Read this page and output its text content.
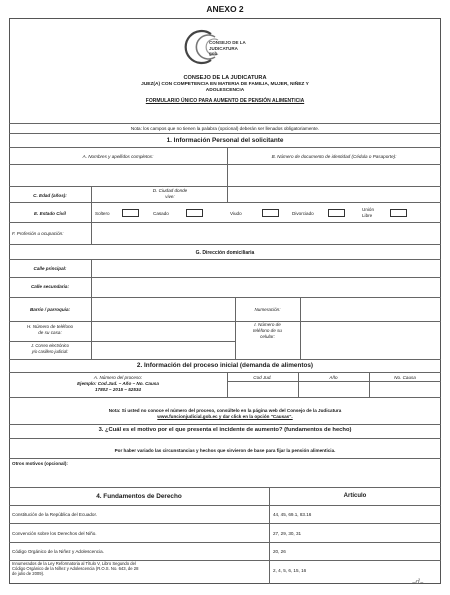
ANEXO 2
CONSEJO DE LA
JUDICATURA
gob
CONSEJO DE LA JUDICATURA
JUEZ(A) CON COMPETENCIA EN MATERIA DE FAMILIA, MUJER, NIÑEZ Y
ADOLESCENCIA
FORMULARIO ÚNICO PARA AUMENTO DE PENSIÓN ALIMENTICIA
Nota: los campos que no tienen la palabra (opcional) deberán ser llenados obligatoriamente.
1. Información Personal del solicitante
A. Nombres y apellidos completos:	B. Número de documento de identidad (Cédula o Pasaporte):
C. Edad (años):
D. Ciudad donde
vive:
E. Estado Civil	Soltero	Casado	Viudo	Divorciado
Unión
Libre
F. Profesión u ocupación:
G. Dirección domiciliaria
Calle principal:
Calle secundaria:
Barrio / parroquia:	Numeración:
H. Número de teléfono
de su casa:
I. Número de
teléfono de su
celular:
J. Correo electrónico
y/o casillero judicial:
2. Información del proceso inicial (demanda de alimentos)
A. Número del proceso:
Ejemplo: Cod.Jud. – Año – No. Causa
17802 – 2015 – 52534
Cod Jud.	Año	No. Causa
Nota: Si usted no conoce el número del proceso, consúltelo en la página web del Consejo de la Judicatura
www.funcionjudicial.gob.ec y dar click en la opción "Causas".
3. ¿Cuál es el motivo por el que presenta el incidente de aumento? (fundamentos de hecho)
Por haber variado las circunstancias y hechos que sirvieron de base para fijar la pensión alimenticia.
Otros motivos (opcional):
4. Fundamentos de Derecho	Artículo
Constitución de la República del Ecuador.	44, 45, 69.1, 83.16
Convención sobre los Derechos del Niño.	27, 29, 30, 31
Código Orgánico de la Niñez y Adolescencia.	20, 26
Innumerados de la Ley Reformatoria al Título V, Libro Segundo del
Código Orgánico de la Niñez y Adolescencia (R.O.S. No. 643, de 28
de julio de 2009).
2, 4, 5, 6, 15, 16
–d–
